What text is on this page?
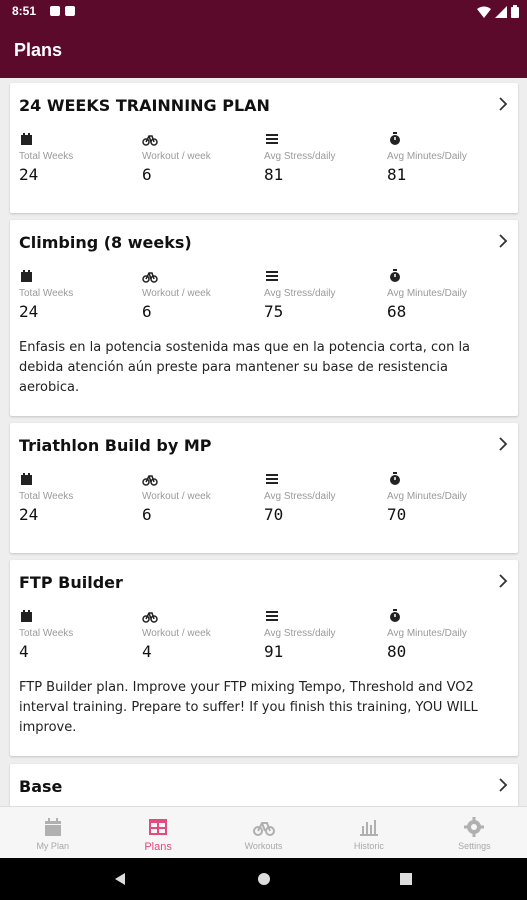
8:51
Plans
24 WEEKS TRAINNING PLAN
Total Weeks
24
Workout / week
6
Avg Stress/daily
81
Avg Minutes/Daily
81
Climbing (8 weeks)
Total Weeks
24
Workout / week
6
Avg Stress/daily
75
Avg Minutes/Daily
68

Enfasis en la potencia sostenida mas que en la potencia corta, con la debida atención aún preste para mantener su base de resistencia aerobica.

Triathlon Build by MP
Total Weeks
24
Workout / week
6
Avg Stress/daily
70
Avg Minutes/Daily
70
FTP Builder
Total Weeks
4
Workout / week
4
Avg Stress/daily
91
Avg Minutes/Daily
80

FTP Builder plan. Improve your FTP mixing Tempo, Threshold and VO2 interval training. Prepare to suffer! If you finish this training, YOU WILL improve.

Base
My Plan	Plans	Workouts	Historic	Settings
